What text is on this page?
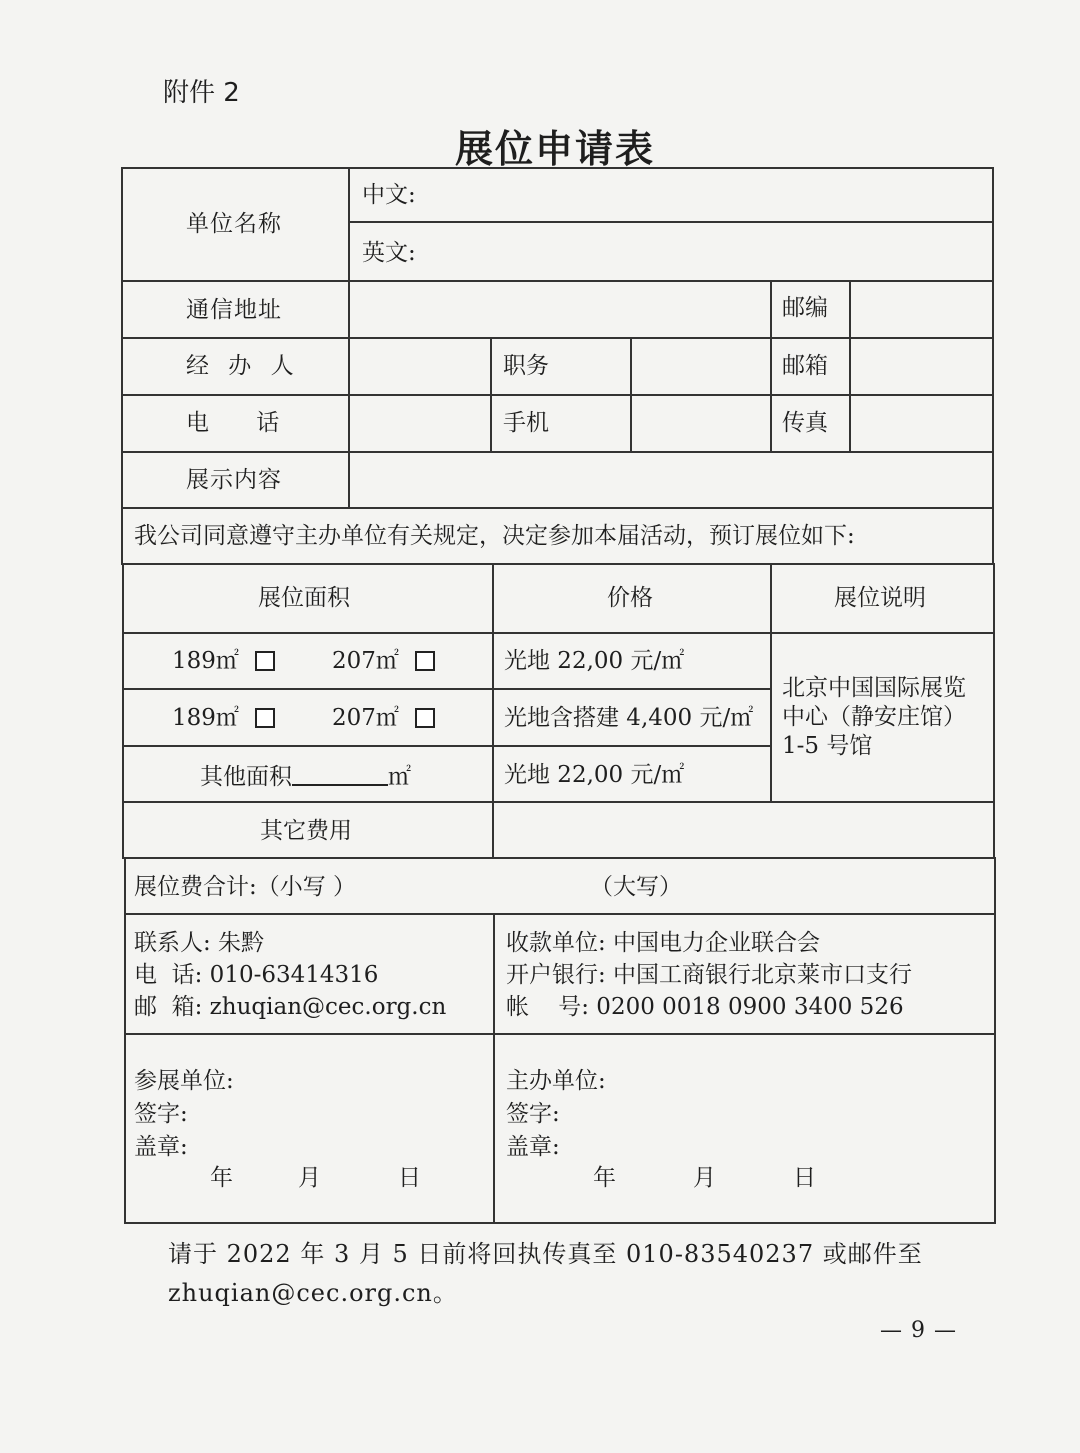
附件 2
展位申请表
单位名称
中文:
英文:
通信地址	邮编
经 办 人	职务	邮箱
电 话	手机	传真
展示内容
我公司同意遵守主办单位有关规定，决定参加本届活动，预订展位如下:
展位面积	价格	展位说明
189㎡	207㎡	光地 22,00 元/㎡
189㎡	207㎡	光地含搭建 4,400 元/㎡
其他面积	㎡	光地 22,00 元/㎡
北京中国国际展览
中心（静安庄馆）
1-5 号馆
其它费用
展位费合计:（小写 ）	（大写）
联系人: 朱黔
电  话: 010-63414316
邮  箱: zhuqian@cec.org.cn
收款单位: 中国电力企业联合会
开户银行: 中国工商银行北京莱市口支行
帐    号: 0200 0018 0900 3400 526
参展单位:
签字:
盖章:
年	月	日
主办单位:
签字:
盖章:
年	月	日
请于 2022 年 3 月 5 日前将回执传真至 010-83540237 或邮件至
zhuqian@cec.org.cn。
— 9 —
